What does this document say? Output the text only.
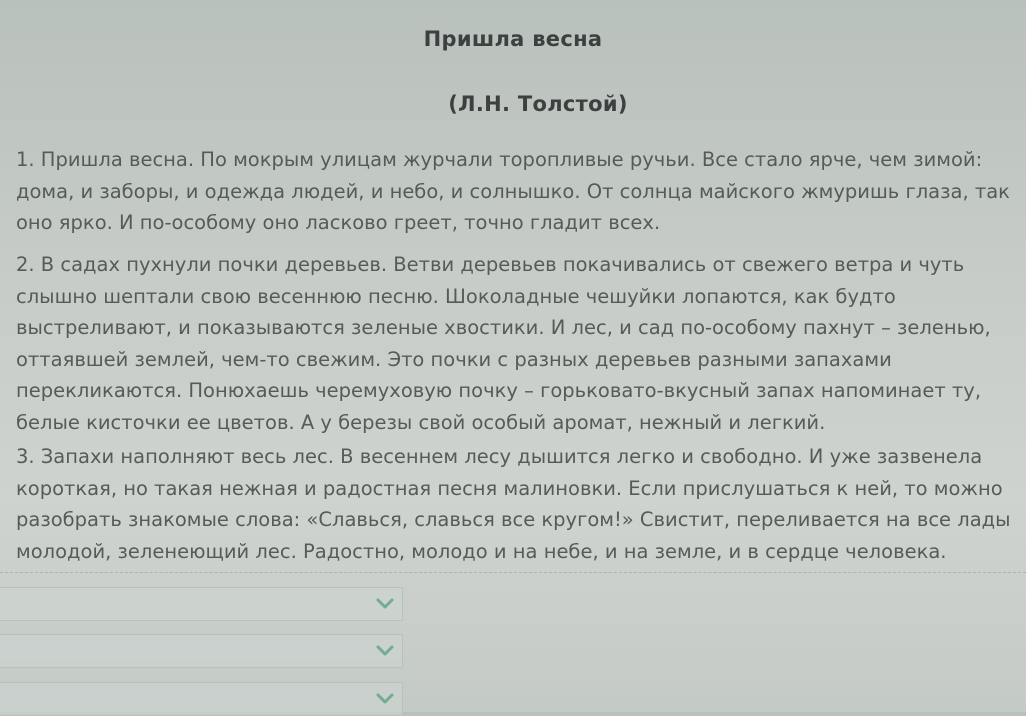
Пришла весна
(Л.Н. Толстой)
1. Пришла весна. По мокрым улицам журчали торопливые ручьи. Все стало ярче, чем зимой:
дома, и заборы, и одежда людей, и небо, и солнышко. От солнца майского жмуришь глаза, так
оно ярко. И по-особому оно ласково греет, точно гладит всех.
2. В садах пухнули почки деревьев. Ветви деревьев покачивались от свежего ветра и чуть
слышно шептали свою весеннюю песню. Шоколадные чешуйки лопаются, как будто
выстреливают, и показываются зеленые хвостики. И лес, и сад по-особому пахнут – зеленью,
оттаявшей землей, чем-то свежим. Это почки с разных деревьев разными запахами
перекликаются. Понюхаешь черемуховую почку – горьковато-вкусный запах напоминает ту,
белые кисточки ее цветов. А у березы свой особый аромат, нежный и легкий.
3. Запахи наполняют весь лес. В весеннем лесу дышится легко и свободно. И уже зазвенела
короткая, но такая нежная и радостная песня малиновки. Если прислушаться к ней, то можно
разобрать знакомые слова: «Славься, славься все кругом!» Свистит, переливается на все лады
молодой, зеленеющий лес. Радостно, молодо и на небе, и на земле, и в сердце человека.
